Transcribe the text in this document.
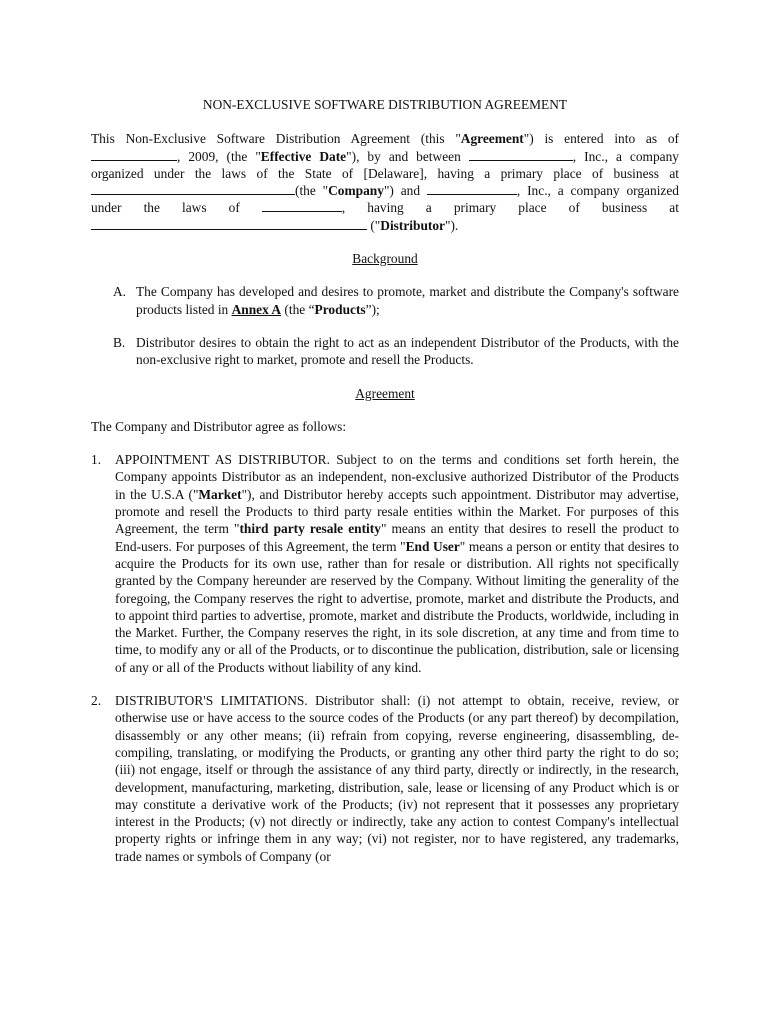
NON-EXCLUSIVE SOFTWARE DISTRIBUTION AGREEMENT

This Non-Exclusive Software Distribution Agreement (this "Agreement") is entered into as of , 2009, (the "Effective Date"), by and between	, Inc., a company organized under the laws of the State of [Delaware], having a primary place of business at (the "Company") and	, Inc., a company organized under the laws of	, having a primary place of business at  ("Distributor").

Background

A. The Company has developed and desires to promote, market and distribute the Company's software products listed in Annex A (the “Products”);
B. Distributor desires to obtain the right to act as an independent Distributor of the Products, with the non-exclusive right to market, promote and resell the Products.

Agreement

The Company and Distributor agree as follows:

1. APPOINTMENT AS DISTRIBUTOR. Subject to on the terms and conditions set forth herein, the Company appoints Distributor as an independent, non-exclusive authorized Distributor of the Products in the U.S.A ("Market"), and Distributor hereby accepts such appointment. Distributor may advertise, promote and resell the Products to third party resale entities within the Market. For purposes of this Agreement, the term "third party resale entity" means an entity that desires to resell the product to End-users. For purposes of this Agreement, the term "End User" means a person or entity that desires to acquire the Products for its own use, rather than for resale or distribution. All rights not specifically granted by the Company hereunder are reserved by the Company. Without limiting the generality of the foregoing, the Company reserves the right to advertise, promote, market and distribute the Products, and to appoint third parties to advertise, promote, market and distribute the Products, worldwide, including in the Market. Further, the Company reserves the right, in its sole discretion, at any time and from time to time, to modify any or all of the Products, or to discontinue the publication, distribution, sale or licensing of any or all of the Products without liability of any kind.
2. DISTRIBUTOR'S LIMITATIONS. Distributor shall: (i) not attempt to obtain, receive, review, or otherwise use or have access to the source codes of the Products (or any part thereof) by decompilation, disassembly or any other means; (ii) refrain from copying, reverse engineering, disassembling, de-compiling, translating, or modifying the Products, or granting any other third party the right to do so; (iii) not engage, itself or through the assistance of any third party, directly or indirectly, in the research, development, manufacturing, marketing, distribution, sale, lease or licensing of any Product which is or may constitute a derivative work of the Products; (iv) not represent that it possesses any proprietary interest in the Products; (v) not directly or indirectly, take any action to contest Company's intellectual property rights or infringe them in any way; (vi) not register, nor to have registered, any trademarks, trade names or symbols of Company (or
